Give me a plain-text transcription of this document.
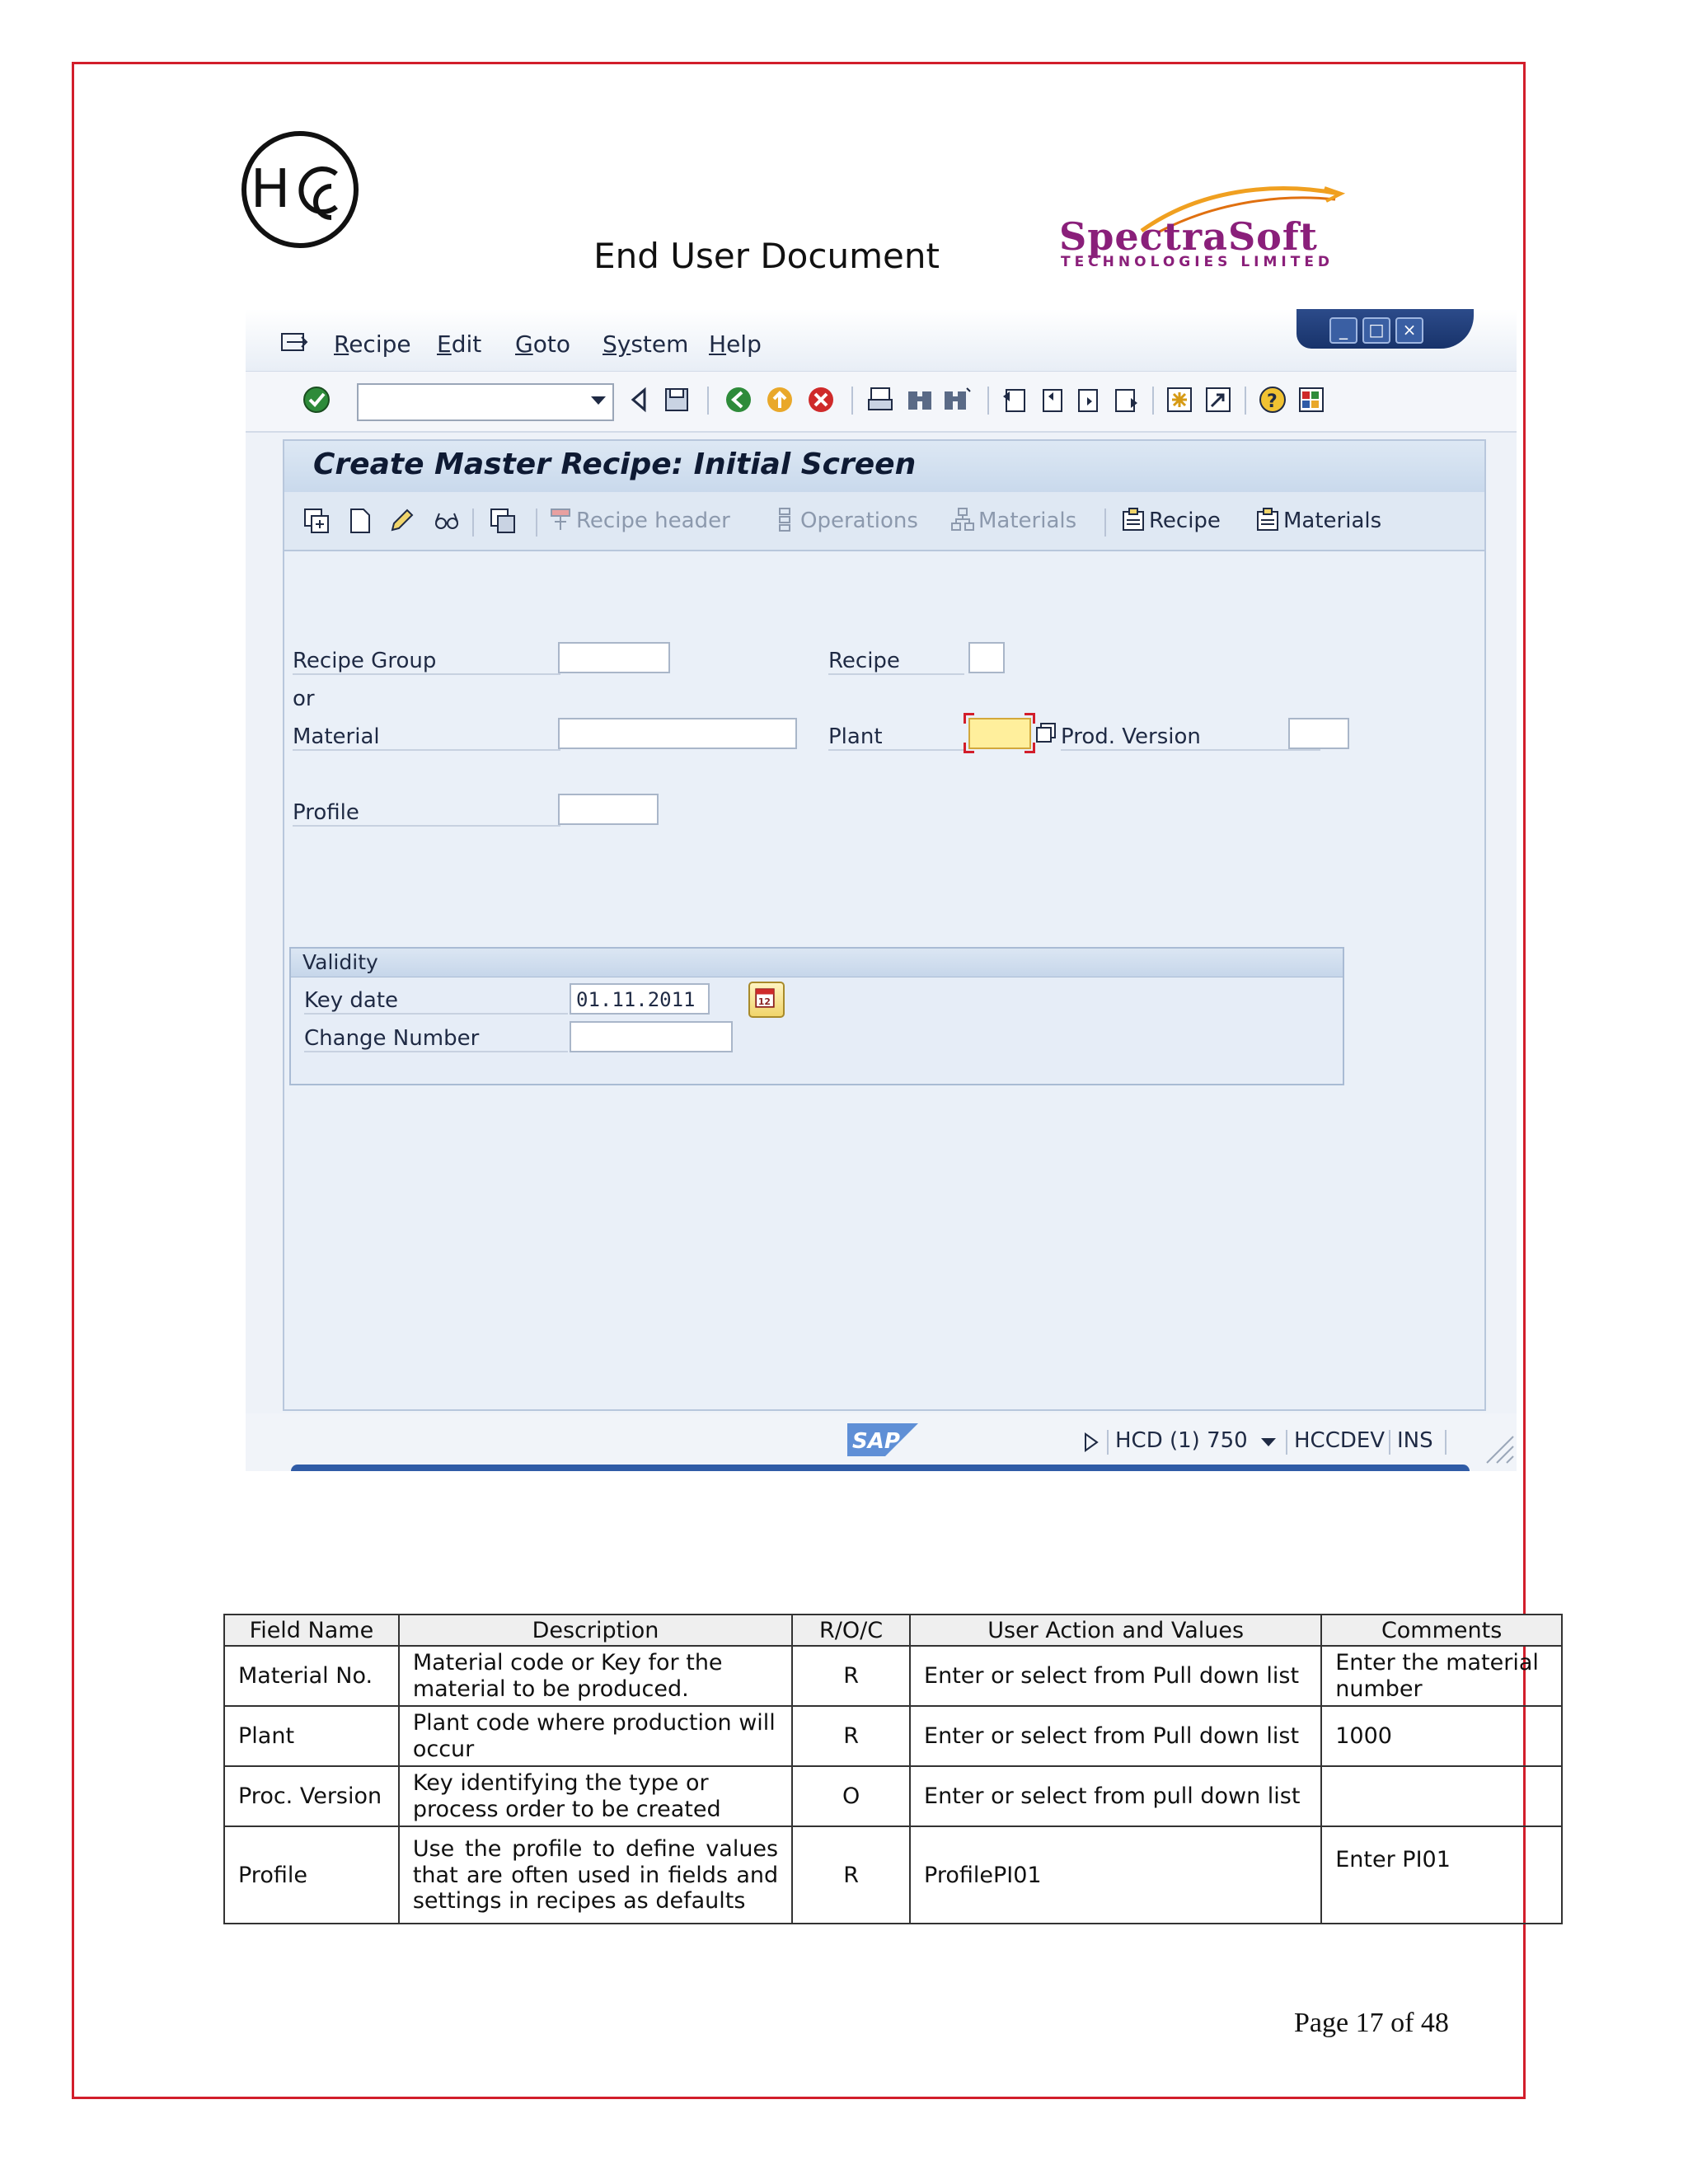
H
End User Document	SpectraSoft
TECHNOLOGIES LIMITED
Recipe Edit Goto System Help
_	□	×
?
Create Master Recipe: Initial Screen
Recipe header	Operations	Materials	Recipe	Materials
Recipe Group	Recipe
or
Material	Plant	Prod. Version
Profile
Validity
Key date	01.11.2011	12
Change Number
SAP	HCD (1) 750 HCCDEV INS
Field Name	Description	R/O/C	User Action and Values	Comments
Material No.	Material code or Key for the material to be produced.	R	Enter or select from Pull down list	Enter the material number
Plant	Plant code where production will occur	R	Enter or select from Pull down list	1000
Proc. Version	Key identifying the type or process order to be created	O	Enter or select from pull down list	
Profile	Use the profile to define values that are often used in fields and settings in recipes as defaults	R	ProfilePI01	Enter PI01
Page 17 of 48
